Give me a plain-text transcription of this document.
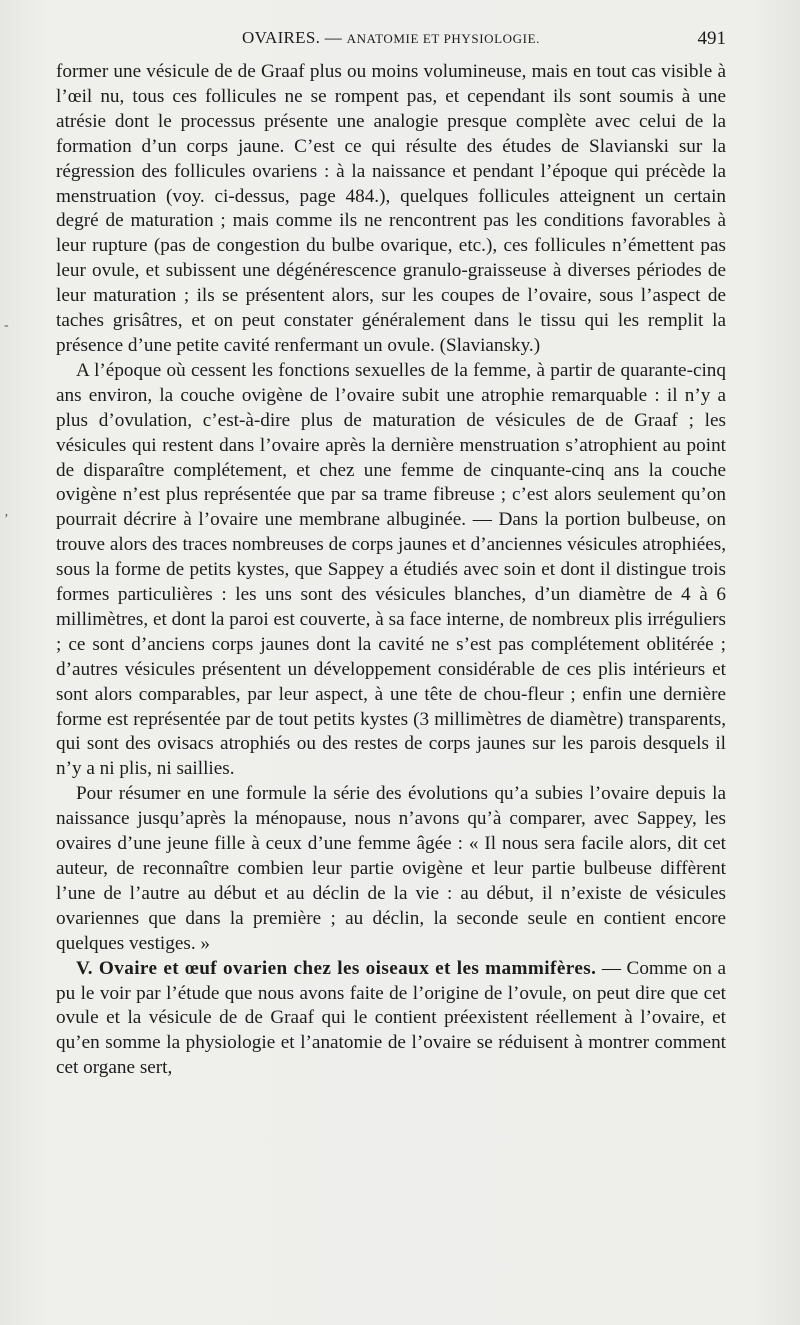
OVAIRES. — ANATOMIE ET PHYSIOLOGIE.	491
-
’

former une vésicule de de Graaf plus ou moins volumineuse, mais en tout cas visible à l’œil nu, tous ces follicules ne se rompent pas, et cependant ils sont soumis à une atrésie dont le processus présente une analogie presque complète avec celui de la formation d’un corps jaune. C’est ce qui résulte des études de Slavianski sur la régression des follicules ovariens : à la naissance et pendant l’époque qui précède la menstruation (voy. ci-dessus, page 484.), quelques follicules atteignent un certain degré de maturation ; mais comme ils ne rencontrent pas les conditions favorables à leur rupture (pas de congestion du bulbe ovarique, etc.), ces follicules n’émettent pas leur ovule, et subissent une dégénérescence granulo-graisseuse à diverses périodes de leur maturation ; ils se présentent alors, sur les coupes de l’ovaire, sous l’aspect de taches grisâtres, et on peut constater généralement dans le tissu qui les remplit la présence d’une petite cavité renfermant un ovule. (Slaviansky.)

A l’époque où cessent les fonctions sexuelles de la femme, à partir de quarante-cinq ans environ, la couche ovigène de l’ovaire subit une atrophie remarquable : il n’y a plus d’ovulation, c’est-à-dire plus de maturation de vésicules de de Graaf ; les vésicules qui restent dans l’ovaire après la dernière menstruation s’atrophient au point de disparaître complétement, et chez une femme de cinquante-cinq ans la couche ovigène n’est plus représentée que par sa trame fibreuse ; c’est alors seulement qu’on pourrait décrire à l’ovaire une membrane albuginée. — Dans la portion bulbeuse, on trouve alors des traces nombreuses de corps jaunes et d’anciennes vésicules atrophiées, sous la forme de petits kystes, que Sappey a étudiés avec soin et dont il distingue trois formes particulières : les uns sont des vésicules blanches, d’un diamètre de 4 à 6 millimètres, et dont la paroi est couverte, à sa face interne, de nombreux plis irréguliers ; ce sont d’anciens corps jaunes dont la cavité ne s’est pas complétement oblitérée ; d’autres vésicules présentent un développement considérable de ces plis intérieurs et sont alors comparables, par leur aspect, à une tête de chou-fleur ; enfin une dernière forme est représentée par de tout petits kystes (3 millimètres de diamètre) transparents, qui sont des ovisacs atrophiés ou des restes de corps jaunes sur les parois desquels il n’y a ni plis, ni saillies.

Pour résumer en une formule la série des évolutions qu’a subies l’ovaire depuis la naissance jusqu’après la ménopause, nous n’avons qu’à comparer, avec Sappey, les ovaires d’une jeune fille à ceux d’une femme âgée : « Il nous sera facile alors, dit cet auteur, de reconnaître combien leur partie ovigène et leur partie bulbeuse diffèrent l’une de l’autre au début et au déclin de la vie : au début, il n’existe de vésicules ovariennes que dans la première ; au déclin, la seconde seule en contient encore quelques vestiges. »

V. Ovaire et œuf ovarien chez les oiseaux et les mammifères. — Comme on a pu le voir par l’étude que nous avons faite de l’origine de l’ovule, on peut dire que cet ovule et la vésicule de de Graaf qui le contient préexistent réellement à l’ovaire, et qu’en somme la physiologie et l’anatomie de l’ovaire se réduisent à montrer comment cet organe sert,
